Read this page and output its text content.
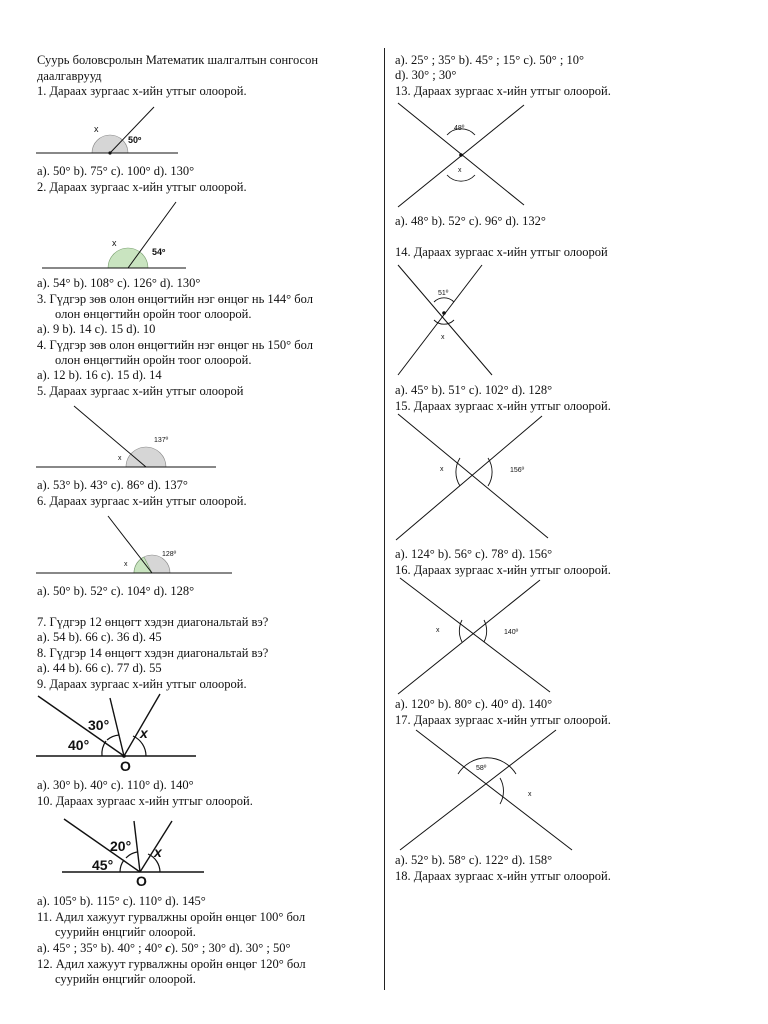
Суурь боловсролын Математик шалгалтын сонгосон
даалгаврууд
1. Дараах зургаас x-ийн утгыг олоорой.
x
50º
a). 50° b). 75° c). 100° d). 130°
2. Дараах зургаас x-ийн утгыг олоорой.
x
54º
a). 54° b). 108° c). 126° d). 130°
3. Гүдгэр зөв олон өнцөгтийн нэг өнцөг нь 144° бол
олон өнцөгтийн оройн тоог олоорой.
a). 9 b). 14 c). 15 d). 10
4. Гүдгэр зөв олон өнцөгтийн нэг өнцөг нь 150° бол
олон өнцөгтийн оройн тоог олоорой.
a). 12 b). 16 c). 15 d). 14
5. Дараах зургаас x-ийн утгыг олоорой
x
137º
a). 53° b). 43° c). 86° d). 137°
6. Дараах зургаас x-ийн утгыг олоорой.
x
128º
a). 50° b). 52° c). 104° d). 128°
7. Гүдгэр 12 өнцөгт хэдэн диагональтай вэ?
a). 54 b). 66 c). 36 d). 45
8. Гүдгэр 14 өнцөгт хэдэн диагональтай вэ?
a). 44 b). 66 c). 77 d). 55
9. Дараах зургаас x-ийн утгыг олоорой.
30°
40°
x
O
a). 30° b). 40° c). 110° d). 140°
10. Дараах зургаас x-ийн утгыг олоорой.
20°
45°
x
O
a). 105° b). 115° c). 110° d). 145°
11. Адил хажуут гурвалжны оройн өнцөг 100° бол
суурийн өнцгийг олоорой.
a). 45° ; 35° b). 40° ; 40° c). 50° ; 30° d). 30° ; 50°
12. Адил хажуут гурвалжны оройн өнцөг 120° бол
суурийн өнцгийг олоорой.
a). 25° ; 35° b). 45° ; 15° c). 50° ; 10°
d). 30° ; 30°
13. Дараах зургаас x-ийн утгыг олоорой.
48º
x
a). 48° b). 52° c). 96° d). 132°
14. Дараах зургаас x-ийн утгыг олоорой
51º
x
a). 45° b). 51° c). 102° d). 128°
15. Дараах зургаас x-ийн утгыг олоорой.
x	156º
a). 124° b). 56° c). 78° d). 156°
16. Дараах зургаас x-ийн утгыг олоорой.
x	140º
a). 120° b). 80° c). 40° d). 140°
17. Дараах зургаас x-ийн утгыг олоорой.
58º
x
a). 52° b). 58° c). 122° d). 158°
18. Дараах зургаас x-ийн утгыг олоорой.
